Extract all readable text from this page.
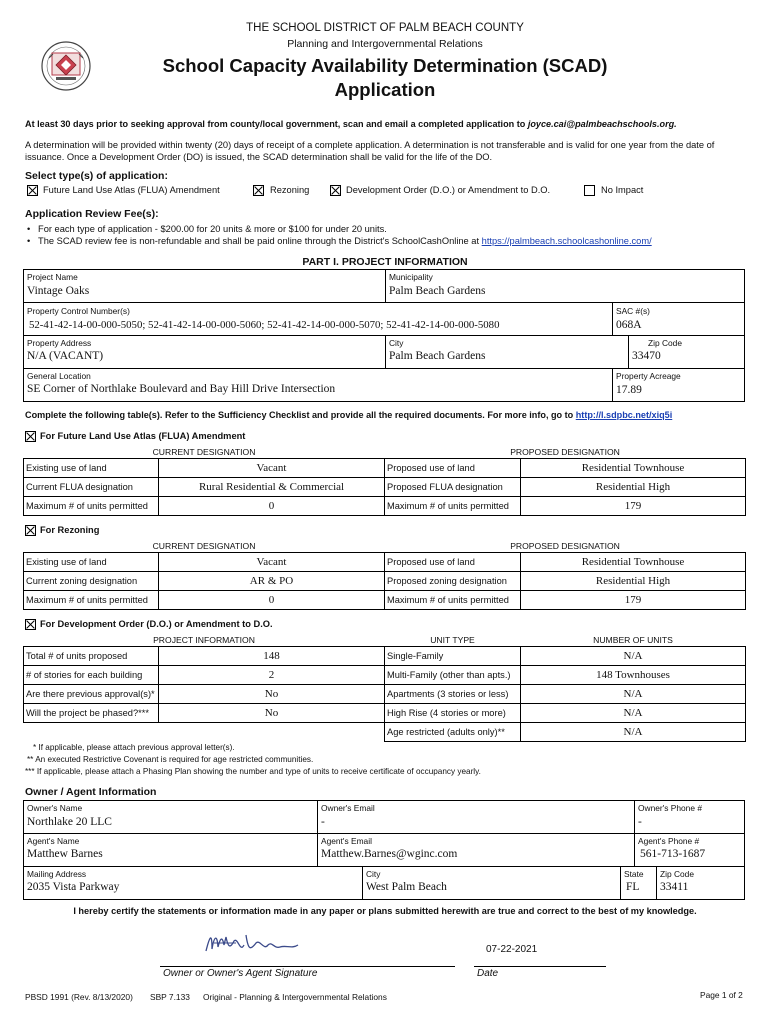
THE SCHOOL DISTRICT OF PALM BEACH COUNTY
Planning and Intergovernmental Relations
School Capacity Availability Determination (SCAD)
Application
At least 30 days prior to seeking approval from county/local government, scan and email a completed application to joyce.cai@palmbeachschools.org.
A determination will be provided within twenty (20) days of receipt of a complete application. A determination is not transferable and is valid for one year from the date of issuance. Once a Development Order (DO) is issued, the SCAD determination shall be valid for the life of the DO.
Select type(s) of application:
Future Land Use Atlas (FLUA) Amendment	Rezoning	Development Order (D.O.) or Amendment to D.O.	No Impact
Application Review Fee(s):
•   For each type of application - $200.00 for 20 units & more or $100 for under 20 units.
•   The SCAD review fee is non-refundable and shall be paid online through the District's SchoolCashOnline at https://palmbeach.schoolcashonline.com/
PART I. PROJECT INFORMATION
Project Name
Vintage Oaks
Municipality
Palm Beach Gardens
Property Control Number(s)
52-41-42-14-00-000-5050; 52-41-42-14-00-000-5060; 52-41-42-14-00-000-5070; 52-41-42-14-00-000-5080
SAC #(s)
068A
Property Address
N/A (VACANT)
City
Palm Beach Gardens
Zip Code
33470
General Location
SE Corner of Northlake Boulevard and Bay Hill Drive Intersection
Property Acreage
17.89
Complete the following table(s). Refer to the Sufficiency Checklist and provide all the required documents. For more info, go to http://l.sdpbc.net/xiq5i
For Future Land Use Atlas (FLUA) Amendment
CURRENT DESIGNATION		PROPOSED DESIGNATION	
Existing use of land	Vacant	Proposed use of land	Residential Townhouse
Current FLUA designation	Rural Residential & Commercial	Proposed FLUA designation	Residential High
Maximum # of units permitted	0	Maximum # of units permitted	179
For Rezoning
CURRENT DESIGNATION		PROPOSED DESIGNATION	
Existing use of land	Vacant	Proposed use of land	Residential Townhouse
Current zoning designation	AR & PO	Proposed zoning designation	Residential High
Maximum # of units permitted	0	Maximum # of units permitted	179
For Development Order (D.O.) or Amendment to D.O.
PROJECT INFORMATION		UNIT TYPE	NUMBER OF UNITS
Total # of units proposed	148	Single-Family	N/A
# of stories for each building	2	Multi-Family (other than apts.)	148 Townhouses
Are there previous approval(s)*	No	Apartments (3 stories or less)	N/A
Will the project be phased?***	No	High Rise (4 stories or more)	N/A
		Age restricted (adults only)**	N/A
* If applicable, please attach previous approval letter(s).
** An executed Restrictive Covenant is required for age restricted communities.
*** If applicable, please attach a Phasing Plan showing the number and type of units to receive certificate of occupancy yearly.
Owner / Agent Information
Owner's Name
Northlake 20 LLC
Owner's Email
-
Owner's Phone #
-
Agent's Name
Matthew Barnes
Agent's Email
Matthew.Barnes@wginc.com
Agent's Phone #
561-713-1687
Mailing Address
2035 Vista Parkway
City
West Palm Beach
State
FL
Zip Code
33411
I hereby certify the statements or information made in any paper or plans submitted herewith are true and correct to the best of my knowledge.
Owner or Owner's Agent Signature
07-22-2021
Date
PBSD 1991 (Rev. 8/13/2020) SBP 7.133 Original - Planning & Intergovernmental Relations	Page 1 of 2
